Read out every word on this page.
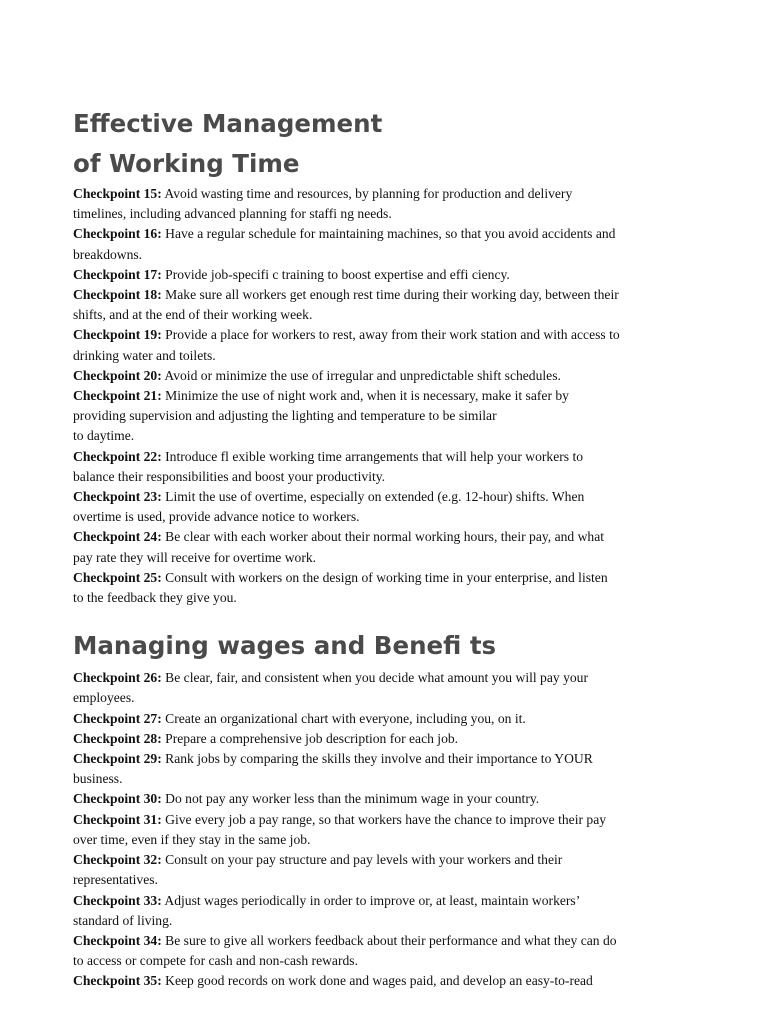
Effective Management
of Working Time
Checkpoint 15: Avoid wasting time and resources, by planning for production and delivery timelines, including advanced planning for staffi ng needs.
Checkpoint 16: Have a regular schedule for maintaining machines, so that you avoid accidents and breakdowns.
Checkpoint 17: Provide job-specifi c training to boost expertise and effi ciency.
Checkpoint 18: Make sure all workers get enough rest time during their working day, between their shifts, and at the end of their working week.
Checkpoint 19: Provide a place for workers to rest, away from their work station and with access to drinking water and toilets.
Checkpoint 20: Avoid or minimize the use of irregular and unpredictable shift schedules.
Checkpoint 21: Minimize the use of night work and, when it is necessary, make it safer by providing supervision and adjusting the lighting and temperature to be similar
to daytime.
Checkpoint 22: Introduce fl exible working time arrangements that will help your workers to balance their responsibilities and boost your productivity.
Checkpoint 23: Limit the use of overtime, especially on extended (e.g. 12-hour) shifts. When overtime is used, provide advance notice to workers.
Checkpoint 24: Be clear with each worker about their normal working hours, their pay, and what pay rate they will receive for overtime work.
Checkpoint 25: Consult with workers on the design of working time in your enterprise, and listen to the feedback they give you.
Managing wages and Benefi ts
Checkpoint 26: Be clear, fair, and consistent when you decide what amount you will pay your employees.
Checkpoint 27: Create an organizational chart with everyone, including you, on it.
Checkpoint 28: Prepare a comprehensive job description for each job.
Checkpoint 29: Rank jobs by comparing the skills they involve and their importance to YOUR business.
Checkpoint 30: Do not pay any worker less than the minimum wage in your country.
Checkpoint 31: Give every job a pay range, so that workers have the chance to improve their pay over time, even if they stay in the same job.
Checkpoint 32: Consult on your pay structure and pay levels with your workers and their representatives.
Checkpoint 33: Adjust wages periodically in order to improve or, at least, maintain workers’ standard of living.
Checkpoint 34: Be sure to give all workers feedback about their performance and what they can do to access or compete for cash and non-cash rewards.
Checkpoint 35: Keep good records on work done and wages paid, and develop an easy-to-read
